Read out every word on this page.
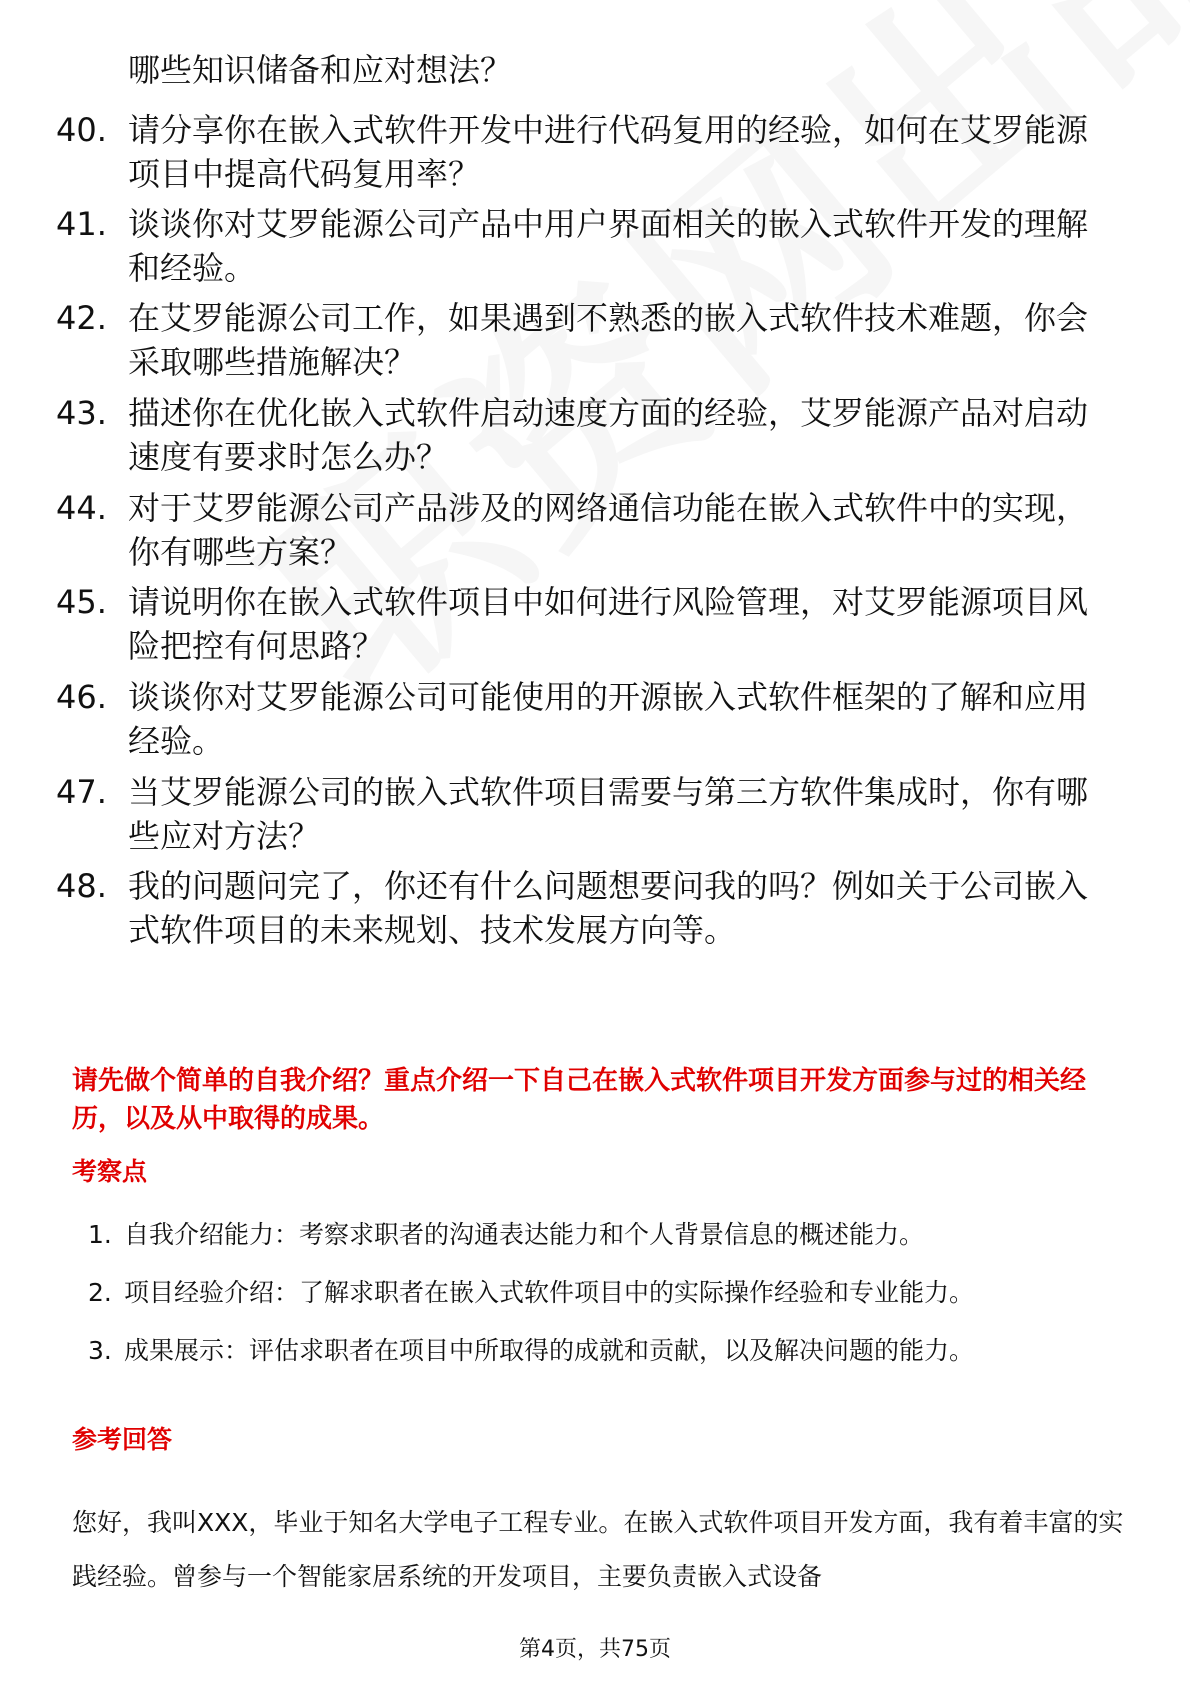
哪些知识储备和应对想法？

40. 请分享你在嵌入式软件开发中进行代码复用的经验，如何在艾罗能源项目中提高代码复用率？

41. 谈谈你对艾罗能源公司产品中用户界面相关的嵌入式软件开发的理解和经验。

42. 在艾罗能源公司工作，如果遇到不熟悉的嵌入式软件技术难题，你会采取哪些措施解决？

43. 描述你在优化嵌入式软件启动速度方面的经验，艾罗能源产品对启动速度有要求时怎么办？

44. 对于艾罗能源公司产品涉及的网络通信功能在嵌入式软件中的实现，你有哪些方案？

45. 请说明你在嵌入式软件项目中如何进行风险管理，对艾罗能源项目风险把控有何思路？

46. 谈谈你对艾罗能源公司可能使用的开源嵌入式软件框架的了解和应用经验。

47. 当艾罗能源公司的嵌入式软件项目需要与第三方软件集成时，你有哪些应对方法？

48. 我的问题问完了，你还有什么问题想要问我的吗？例如关于公司嵌入式软件项目的未来规划、技术发展方向等。

请先做个简单的自我介绍？重点介绍一下自己在嵌入式软件项目开发方面参与过的相关经历，以及从中取得的成果。

考察点
1. 自我介绍能力：考察求职者的沟通表达能力和个人背景信息的概述能力。
2. 项目经验介绍：了解求职者在嵌入式软件项目中的实际操作经验和专业能力。
3. 成果展示：评估求职者在项目中所取得的成就和贡献，以及解决问题的能力。
参考回答

您好，我叫XXX，毕业于知名大学电子工程专业。在嵌入式软件项目开发方面，我有着丰富的实践经验。曾参与一个智能家居系统的开发项目，主要负责嵌入式设备

第4页，共75页
